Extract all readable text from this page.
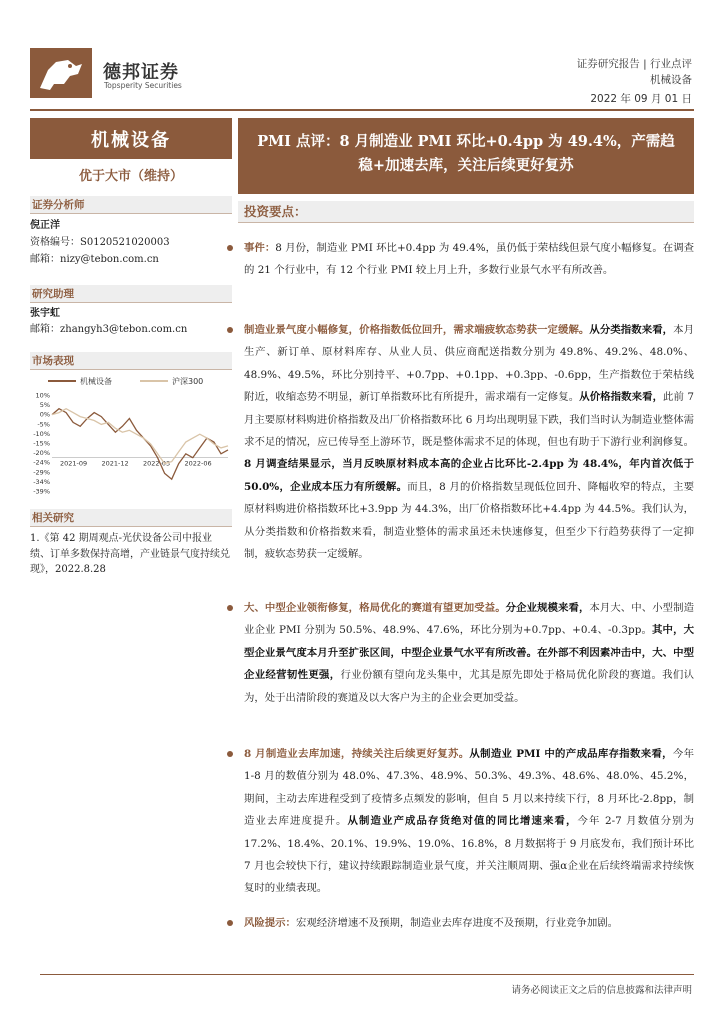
德邦证券
Topsperity Securities
证券研究报告 | 行业点评
机械设备
2022 年 09 月 01 日
机械设备
优于大市（维持）
证券分析师
倪正洋
资格编号：S0120521020003
邮箱：nizy@tebon.com.cn
研究助理
张宇虹
邮箱：zhangyh3@tebon.com.cn
市场表现
机械设备	沪深300
10%
5%
0%
-5%
-10%
-15%
-20%
-24%
-29%
-34%
-39%
2021-09 2021-12 2022-03 2022-06
相关研究
1.《第 42 期周观点-光伏设备公司中报业绩、订单多数保持高增，产业链景气度持续兑现》，2022.8.28
PMI 点评：8 月制造业 PMI 环比+0.4pp 为 49.4%，产需趋
稳+加速去库，关注后续更好复苏
投资要点：
事件：8 月份，制造业 PMI 环比+0.4pp 为 49.4%，虽仍低于荣枯线但景气度小幅修复。在调查的 21 个行业中，有 12 个行业 PMI 较上月上升，多数行业景气水平有所改善。
制造业景气度小幅修复，价格指数低位回升，需求端疲软态势获一定缓解。从分类指数来看，本月生产、新订单、原材料库存、从业人员、供应商配送指数分别为 49.8%、49.2%、48.0%、48.9%、49.5%，环比分别持平、+0.7pp、+0.1pp、+0.3pp、-0.6pp，生产指数位于荣枯线附近，收缩态势不明显，新订单指数环比有所提升，需求端有一定修复。从价格指数来看，此前 7 月主要原材料购进价格指数及出厂价格指数环比 6 月均出现明显下跌，我们当时认为制造业整体需求不足的情况，应已传导至上游环节，既是整体需求不足的体现，但也有助于下游行业利润修复。8 月调查结果显示，当月反映原材料成本高的企业占比环比-2.4pp 为 48.4%，年内首次低于 50.0%，企业成本压力有所缓解。而且，8 月的价格指数呈现低位回升、降幅收窄的特点，主要原材料购进价格指数环比+3.9pp 为 44.3%，出厂价格指数环比+4.4pp 为 44.5%。我们认为，从分类指数和价格指数来看，制造业整体的需求虽还未快速修复，但至少下行趋势获得了一定抑制，疲软态势获一定缓解。
大、中型企业领衔修复，格局优化的赛道有望更加受益。分企业规模来看，本月大、中、小型制造业企业 PMI 分别为 50.5%、48.9%、47.6%，环比分别为+0.7pp、+0.4、-0.3pp。其中，大型企业景气度本月升至扩张区间，中型企业景气水平有所改善。在外部不利因素冲击中，大、中型企业经营韧性更强，行业份额有望向龙头集中，尤其是原先即处于格局优化阶段的赛道。我们认为，处于出清阶段的赛道及以大客户为主的企业会更加受益。
8 月制造业去库加速，持续关注后续更好复苏。从制造业 PMI 中的产成品库存指数来看，今年 1-8 月的数值分别为 48.0%、47.3%、48.9%、50.3%、49.3%、48.6%、48.0%、45.2%，期间，主动去库进程受到了疫情多点频发的影响，但自 5 月以来持续下行，8 月环比-2.8pp，制造业去库进度提升。从制造业产成品存货绝对值的同比增速来看，今年 2-7 月数值分别为 17.2%、18.4%、20.1%、19.9%、19.0%、16.8%，8 月数据将于 9 月底发布，我们预计环比 7 月也会较快下行，建议持续跟踪制造业景气度，并关注顺周期、强α企业在后续终端需求持续恢复时的业绩表现。
风险提示：宏观经济增速不及预期，制造业去库存进度不及预期，行业竞争加剧。
请务必阅读正文之后的信息披露和法律声明
